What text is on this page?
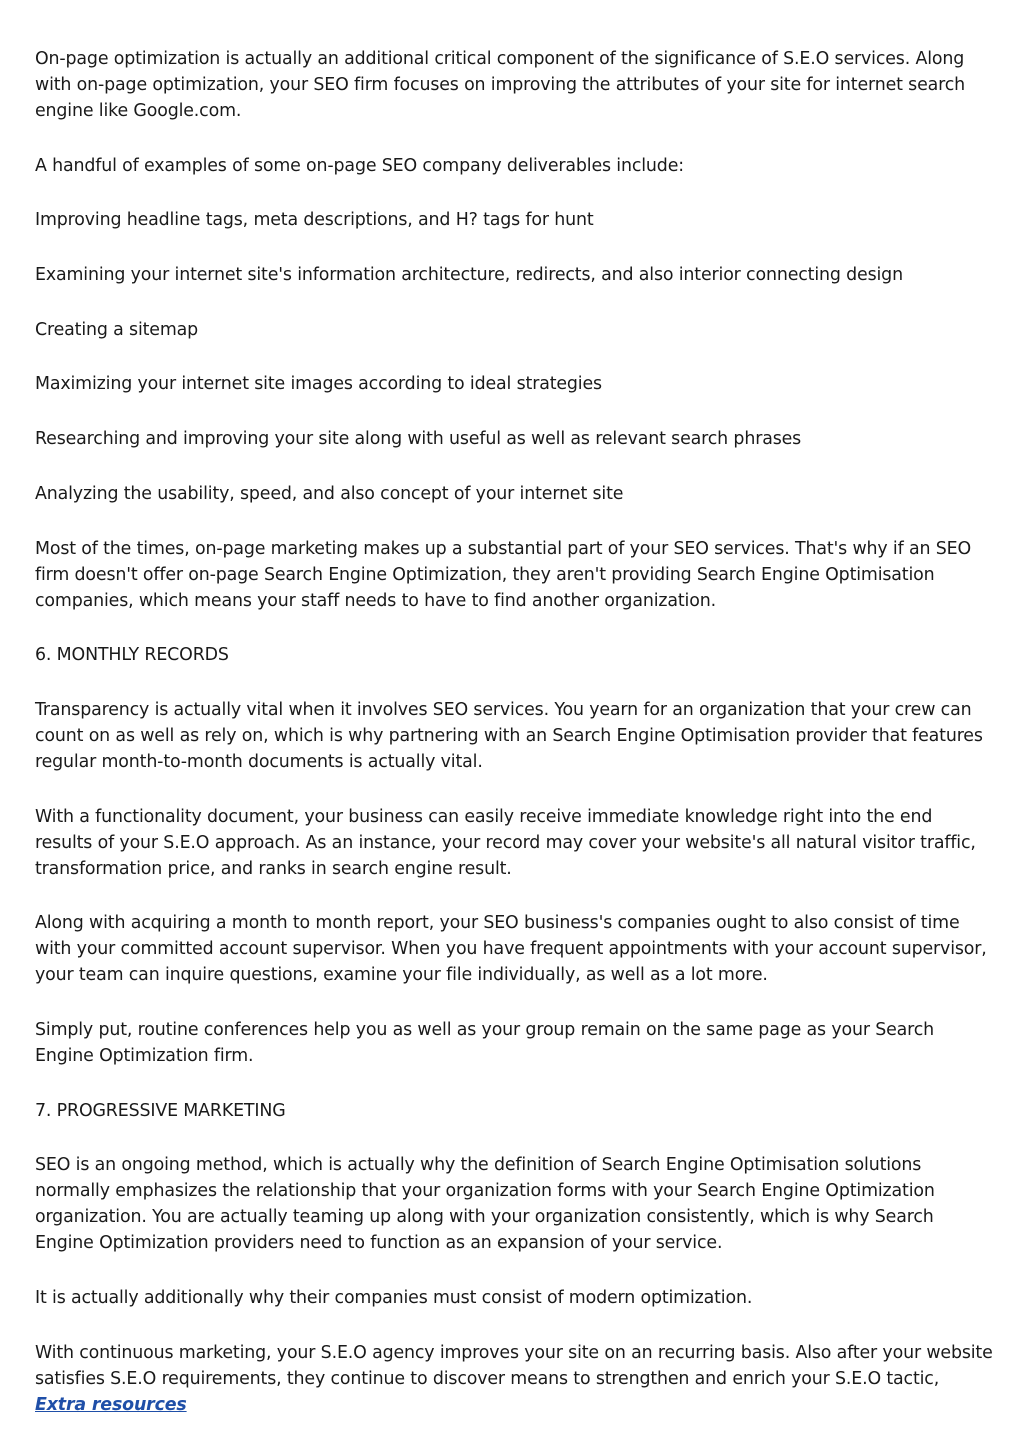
On-page optimization is actually an additional critical component of the significance of S.E.O services. Along with on-page optimization, your SEO firm focuses on improving the attributes of your site for internet search engine like Google.com.

A handful of examples of some on-page SEO company deliverables include:

Improving headline tags, meta descriptions, and H? tags for hunt

Examining your internet site's information architecture, redirects, and also interior connecting design

Creating a sitemap

Maximizing your internet site images according to ideal strategies

Researching and improving your site along with useful as well as relevant search phrases

Analyzing the usability, speed, and also concept of your internet site

Most of the times, on-page marketing makes up a substantial part of your SEO services. That's why if an SEO firm doesn't offer on-page Search Engine Optimization, they aren't providing Search Engine Optimisation companies, which means your staff needs to have to find another organization.

6. MONTHLY RECORDS

Transparency is actually vital when it involves SEO services. You yearn for an organization that your crew can count on as well as rely on, which is why partnering with an Search Engine Optimisation provider that features regular month-to-month documents is actually vital.

With a functionality document, your business can easily receive immediate knowledge right into the end results of your S.E.O approach. As an instance, your record may cover your website's all natural visitor traffic, transformation price, and ranks in search engine result.

Along with acquiring a month to month report, your SEO business's companies ought to also consist of time with your committed account supervisor. When you have frequent appointments with your account supervisor, your team can inquire questions, examine your file individually, as well as a lot more.

Simply put, routine conferences help you as well as your group remain on the same page as your Search Engine Optimization firm.

7. PROGRESSIVE MARKETING

SEO is an ongoing method, which is actually why the definition of Search Engine Optimisation solutions normally emphasizes the relationship that your organization forms with your Search Engine Optimization organization. You are actually teaming up along with your organization consistently, which is why Search Engine Optimization providers need to function as an expansion of your service.

It is actually additionally why their companies must consist of modern optimization.

With continuous marketing, your S.E.O agency improves your site on an recurring basis. Also after your website satisfies S.E.O requirements, they continue to discover means to strengthen and enrich your S.E.O tactic, Extra resources
